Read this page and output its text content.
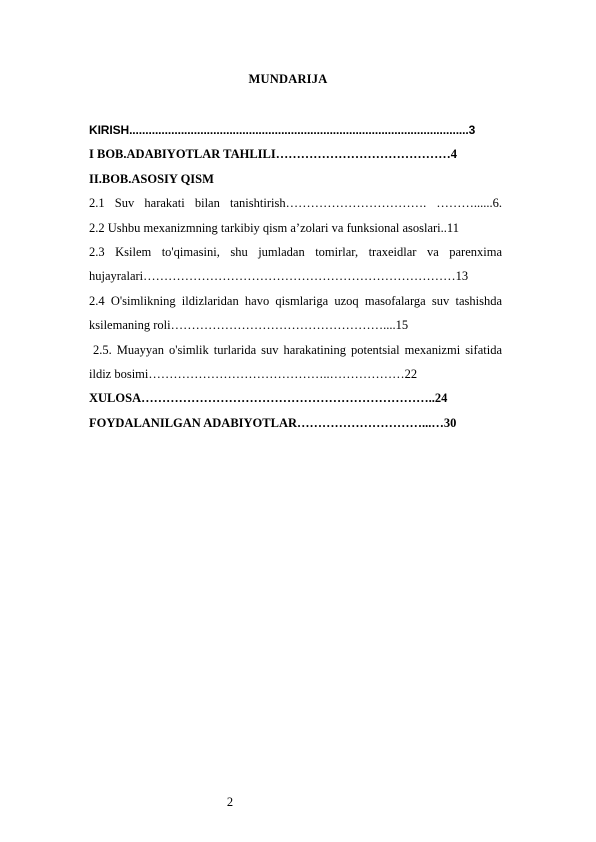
MUNDARIJA
KIRISH.........................................................................................................3
I BOB.ADABIYOTLAR TAHLILI……………………………………4
II.BOB.ASOSIY QISM
2.1 Suv harakati bilan tanishtirish……………………………. ………......6.
2.2 Ushbu mexanizmning tarkibiy qism a’zolari va funksional asoslari..11
2.3 Ksilem to'qimasini, shu jumladan tomirlar, traxeidlar va parenxima hujayralari…………………………………………………………………13
2.4 O'simlikning ildizlaridan havo qismlariga uzoq masofalarga suv tashishda ksilemaning roli……………………………………………....15
2.5. Muayyan o'simlik turlarida suv harakatining potentsial mexanizmi sifatida ildiz bosimi……………………………………..………………22
XULOSA……………………………………………………………..24
FOYDALANILGAN ADABIYOTLAR…………………………...…30
2
